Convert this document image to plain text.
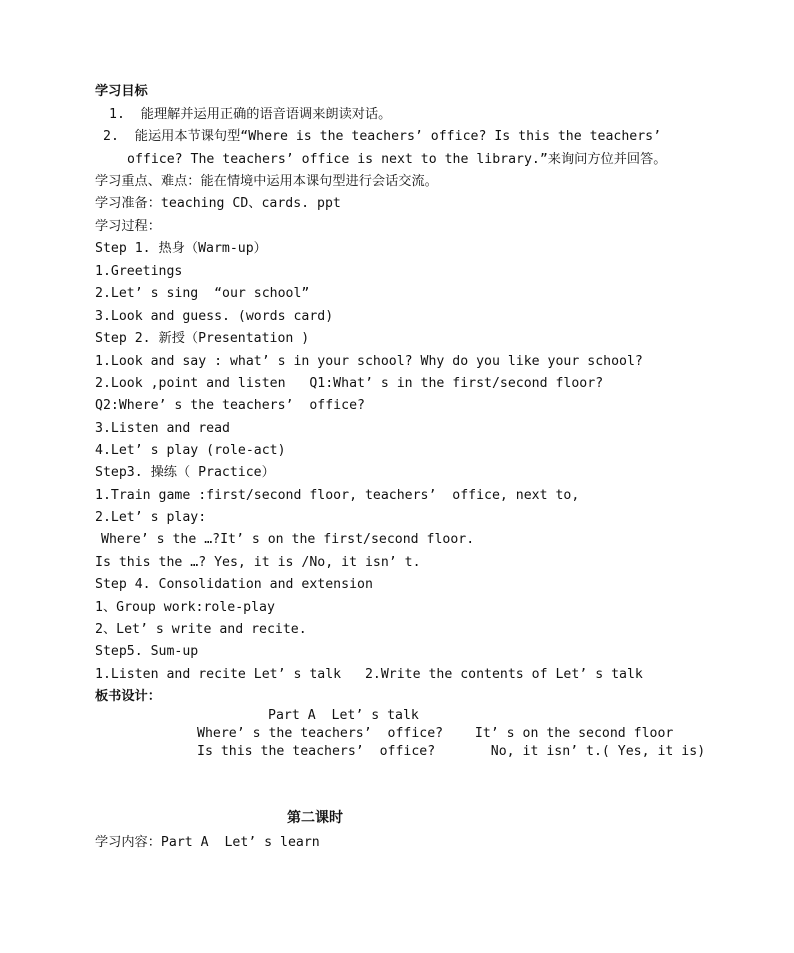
学习目标
1.  能理解并运用正确的语音语调来朗读对话。
2.  能运用本节课句型“Where is the teachers’ office? Is this the teachers’
office? The teachers’ office is next to the library.”来询问方位并回答。
学习重点、难点：能在情境中运用本课句型进行会话交流。
学习准备：teaching CD、cards. ppt
学习过程：
Step 1. 热身（Warm-up）
1.Greetings
2.Let’ s sing  “our school”
3.Look and guess. (words card)
Step 2. 新授（Presentation )
1.Look and say : what’ s in your school? Why do you like your school?
2.Look ,point and listen   Q1:What’ s in the first/second floor?
Q2:Where’ s the teachers’  office?
3.Listen and read
4.Let’ s play (role-act)
Step3. 操练（ Practice）
1.Train game :first/second floor, teachers’  office, next to,
2.Let’ s play:
Where’ s the …?It’ s on the first/second floor.
Is this the …? Yes, it is /No, it isn’ t.
Step 4. Consolidation and extension
1、Group work:role-play
2、Let’ s write and recite.
Step5. Sum-up
1.Listen and recite Let’ s talk   2.Write the contents of Let’ s talk
板书设计：
Part A  Let’ s talk
Where’ s the teachers’  office?    It’ s on the second floor
Is this the teachers’  office?       No, it isn’ t.( Yes, it is)
第二课时
学习内容：Part A  Let’ s learn
